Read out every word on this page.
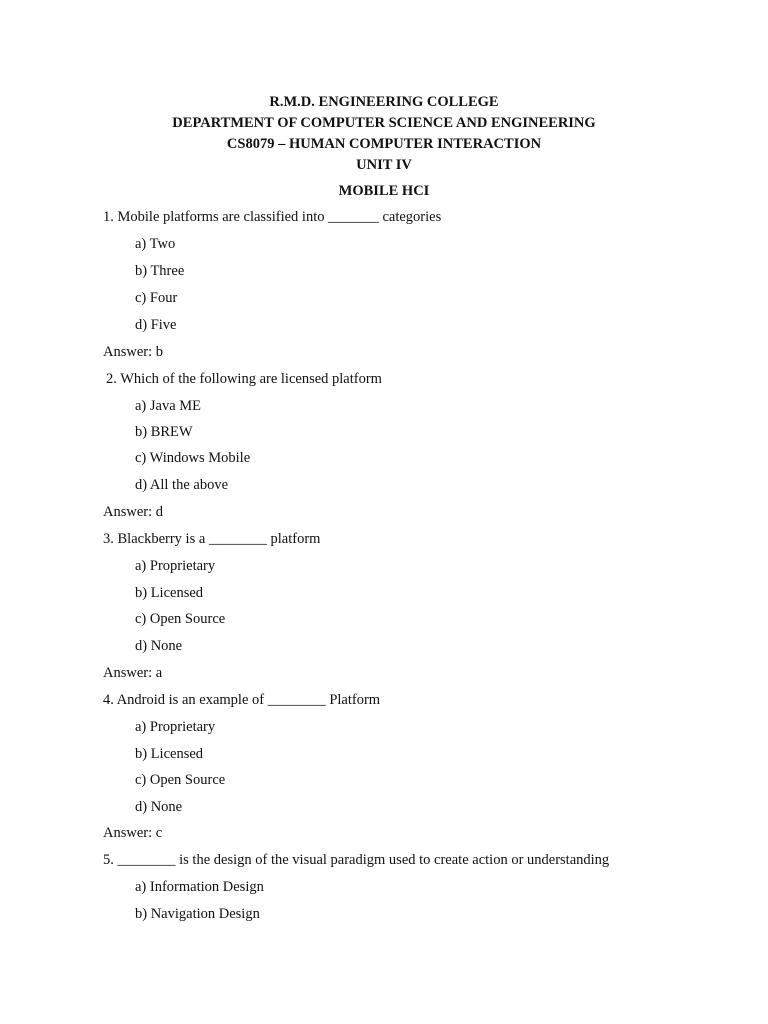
R.M.D. ENGINEERING COLLEGE
DEPARTMENT OF COMPUTER SCIENCE AND ENGINEERING
CS8079 – HUMAN COMPUTER INTERACTION
UNIT IV
MOBILE HCI
1. Mobile platforms are classified into _______ categories
a) Two
b) Three
c) Four
d) Five
Answer: b
2. Which of the following are licensed platform
a) Java ME
b) BREW
c) Windows Mobile
d) All the above
Answer: d
3. Blackberry is a ________ platform
a) Proprietary
b) Licensed
c) Open Source
d) None
Answer: a
4. Android is an example of ________ Platform
a) Proprietary
b) Licensed
c) Open Source
d) None
Answer: c
5. ________ is the design of the visual paradigm used to create action or understanding
a) Information Design
b) Navigation Design
